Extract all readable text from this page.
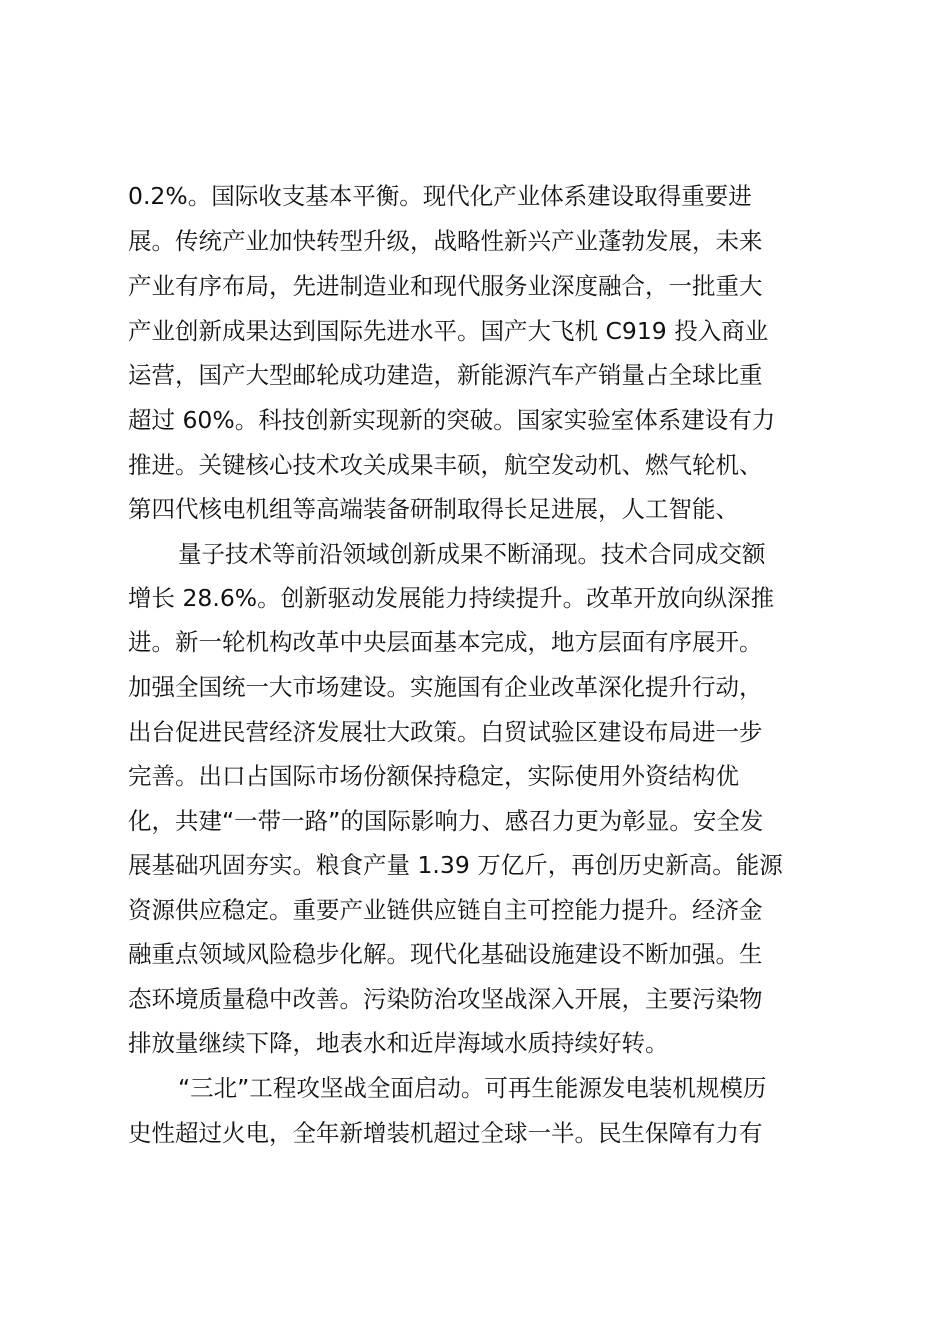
0.2%。国际收支基本平衡。现代化产业体系建设取得重要进
展。传统产业加快转型升级，战略性新兴产业蓬勃发展，未来
产业有序布局，先进制造业和现代服务业深度融合，一批重大
产业创新成果达到国际先进水平。国产大飞机 C919 投入商业
运营，国产大型邮轮成功建造，新能源汽车产销量占全球比重
超过 60%。科技创新实现新的突破。国家实验室体系建设有力
推进。关键核心技术攻关成果丰硕，航空发动机、燃气轮机、
第四代核电机组等高端装备研制取得长足进展，人工智能、
量子技术等前沿领域创新成果不断涌现。技术合同成交额
增长 28.6%。创新驱动发展能力持续提升。改革开放向纵深推
进。新一轮机构改革中央层面基本完成，地方层面有序展开。
加强全国统一大市场建设。实施国有企业改革深化提升行动，
出台促进民营经济发展壮大政策。白贸试验区建设布局进一步
完善。出口占国际市场份额保持稳定，实际使用外资结构优
化，共建“一带一路”的国际影响力、感召力更为彰显。安全发
展基础巩固夯实。粮食产量 1.39 万亿斤，再创历史新高。能源
资源供应稳定。重要产业链供应链自主可控能力提升。经济金
融重点领域风险稳步化解。现代化基础设施建设不断加强。生
态环境质量稳中改善。污染防治攻坚战深入开展，主要污染物
排放量继续下降，地表水和近岸海域水质持续好转。
“三北”工程攻坚战全面启动。可再生能源发电装机规模历
史性超过火电，全年新增装机超过全球一半。民生保障有力有
